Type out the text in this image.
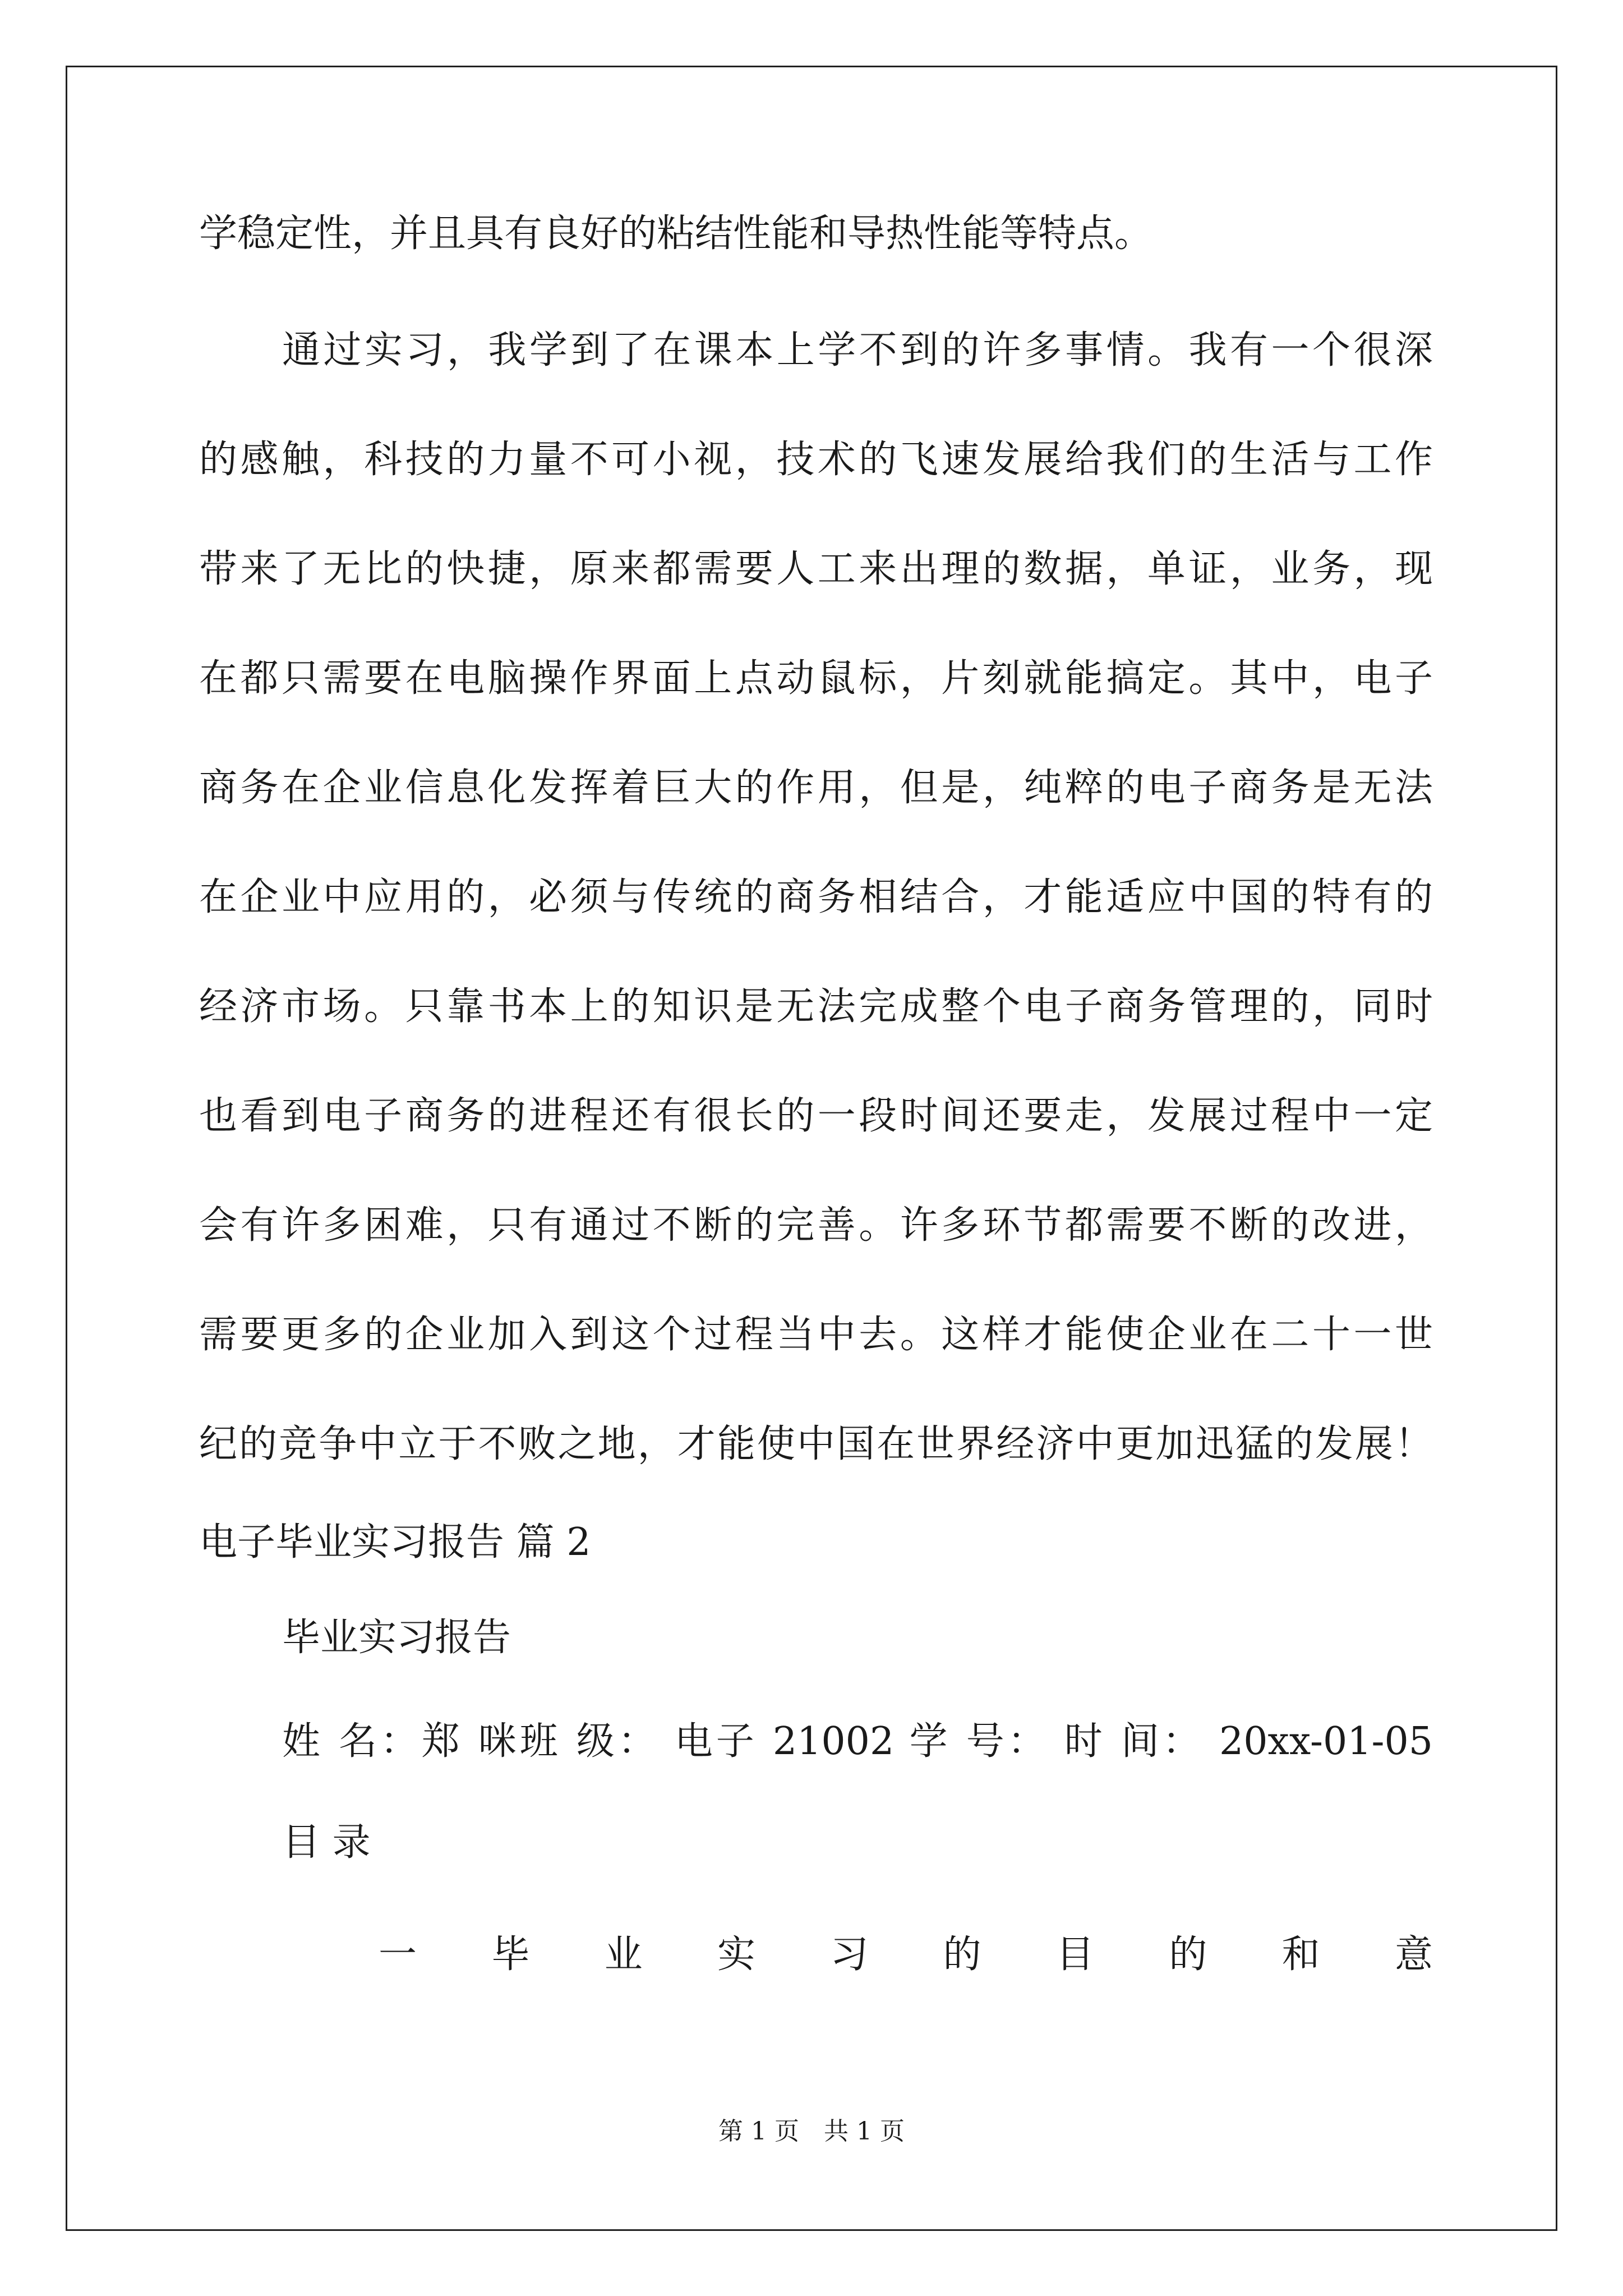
学稳定性，并且具有良好的粘结性能和导热性能等特点。
通过实习，我学到了在课本上学不到的许多事情。我有一个很深
的感触，科技的力量不可小视，技术的飞速发展给我们的生活与工作
带来了无比的快捷，原来都需要人工来出理的数据，单证，业务，现
在都只需要在电脑操作界面上点动鼠标，片刻就能搞定。其中，电子
商务在企业信息化发挥着巨大的作用，但是，纯粹的电子商务是无法
在企业中应用的，必须与传统的商务相结合，才能适应中国的特有的
经济市场。只靠书本上的知识是无法完成整个电子商务管理的，同时
也看到电子商务的进程还有很长的一段时间还要走，发展过程中一定
会有许多困难，只有通过不断的完善。许多环节都需要不断的改进，
需要更多的企业加入到这个过程当中去。这样才能使企业在二十一世
纪的竞争中立于不败之地，才能使中国在世界经济中更加迅猛的发展！
电子毕业实习报告 篇 2
毕业实习报告
姓 名：郑 咪班 级： 电子 21002 学 号： 时 间： 20xx-01-05
目 录
一 毕 业 实 习 的 目 的 和 意
第 1 页　共 1 页
